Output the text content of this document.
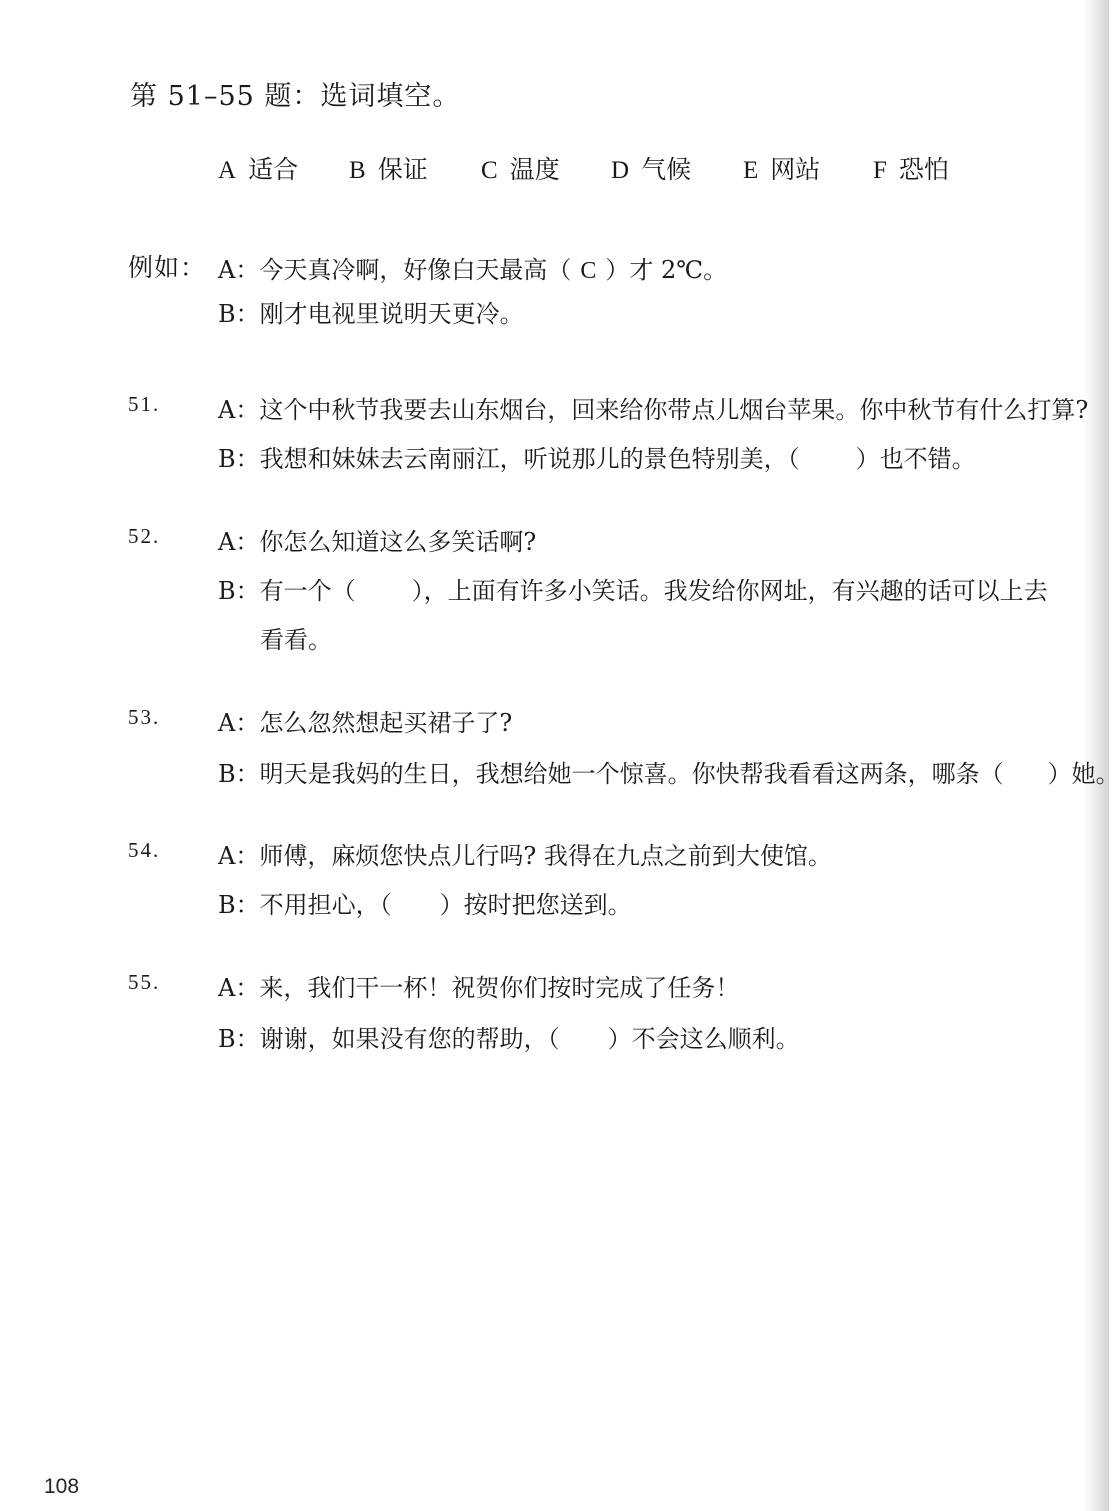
第 51–55 题：选词填空。
A 适合 B 保证 C 温度 D 气候 E 网站 F 恐怕
例如： A：今天真冷啊，好像白天最高（ C ）才 2℃。
B：刚才电视里说明天更冷。
51. A：这个中秋节我要去山东烟台，回来给你带点儿烟台苹果。你中秋节有什么打算?
B：我想和妹妹去云南丽江，听说那儿的景色特别美，（ ）也不错。
52. A：你怎么知道这么多笑话啊?
B：有一个（ ），上面有许多小笑话。我发给你网址，有兴趣的话可以上去
看看。
53. A：怎么忽然想起买裙子了?
B：明天是我妈的生日，我想给她一个惊喜。你快帮我看看这两条，哪条（ ）她。
54. A：师傅，麻烦您快点儿行吗? 我得在九点之前到大使馆。
B：不用担心，（ ）按时把您送到。
55. A：来，我们干一杯！祝贺你们按时完成了任务！
B：谢谢，如果没有您的帮助，（ ）不会这么顺利。
108
